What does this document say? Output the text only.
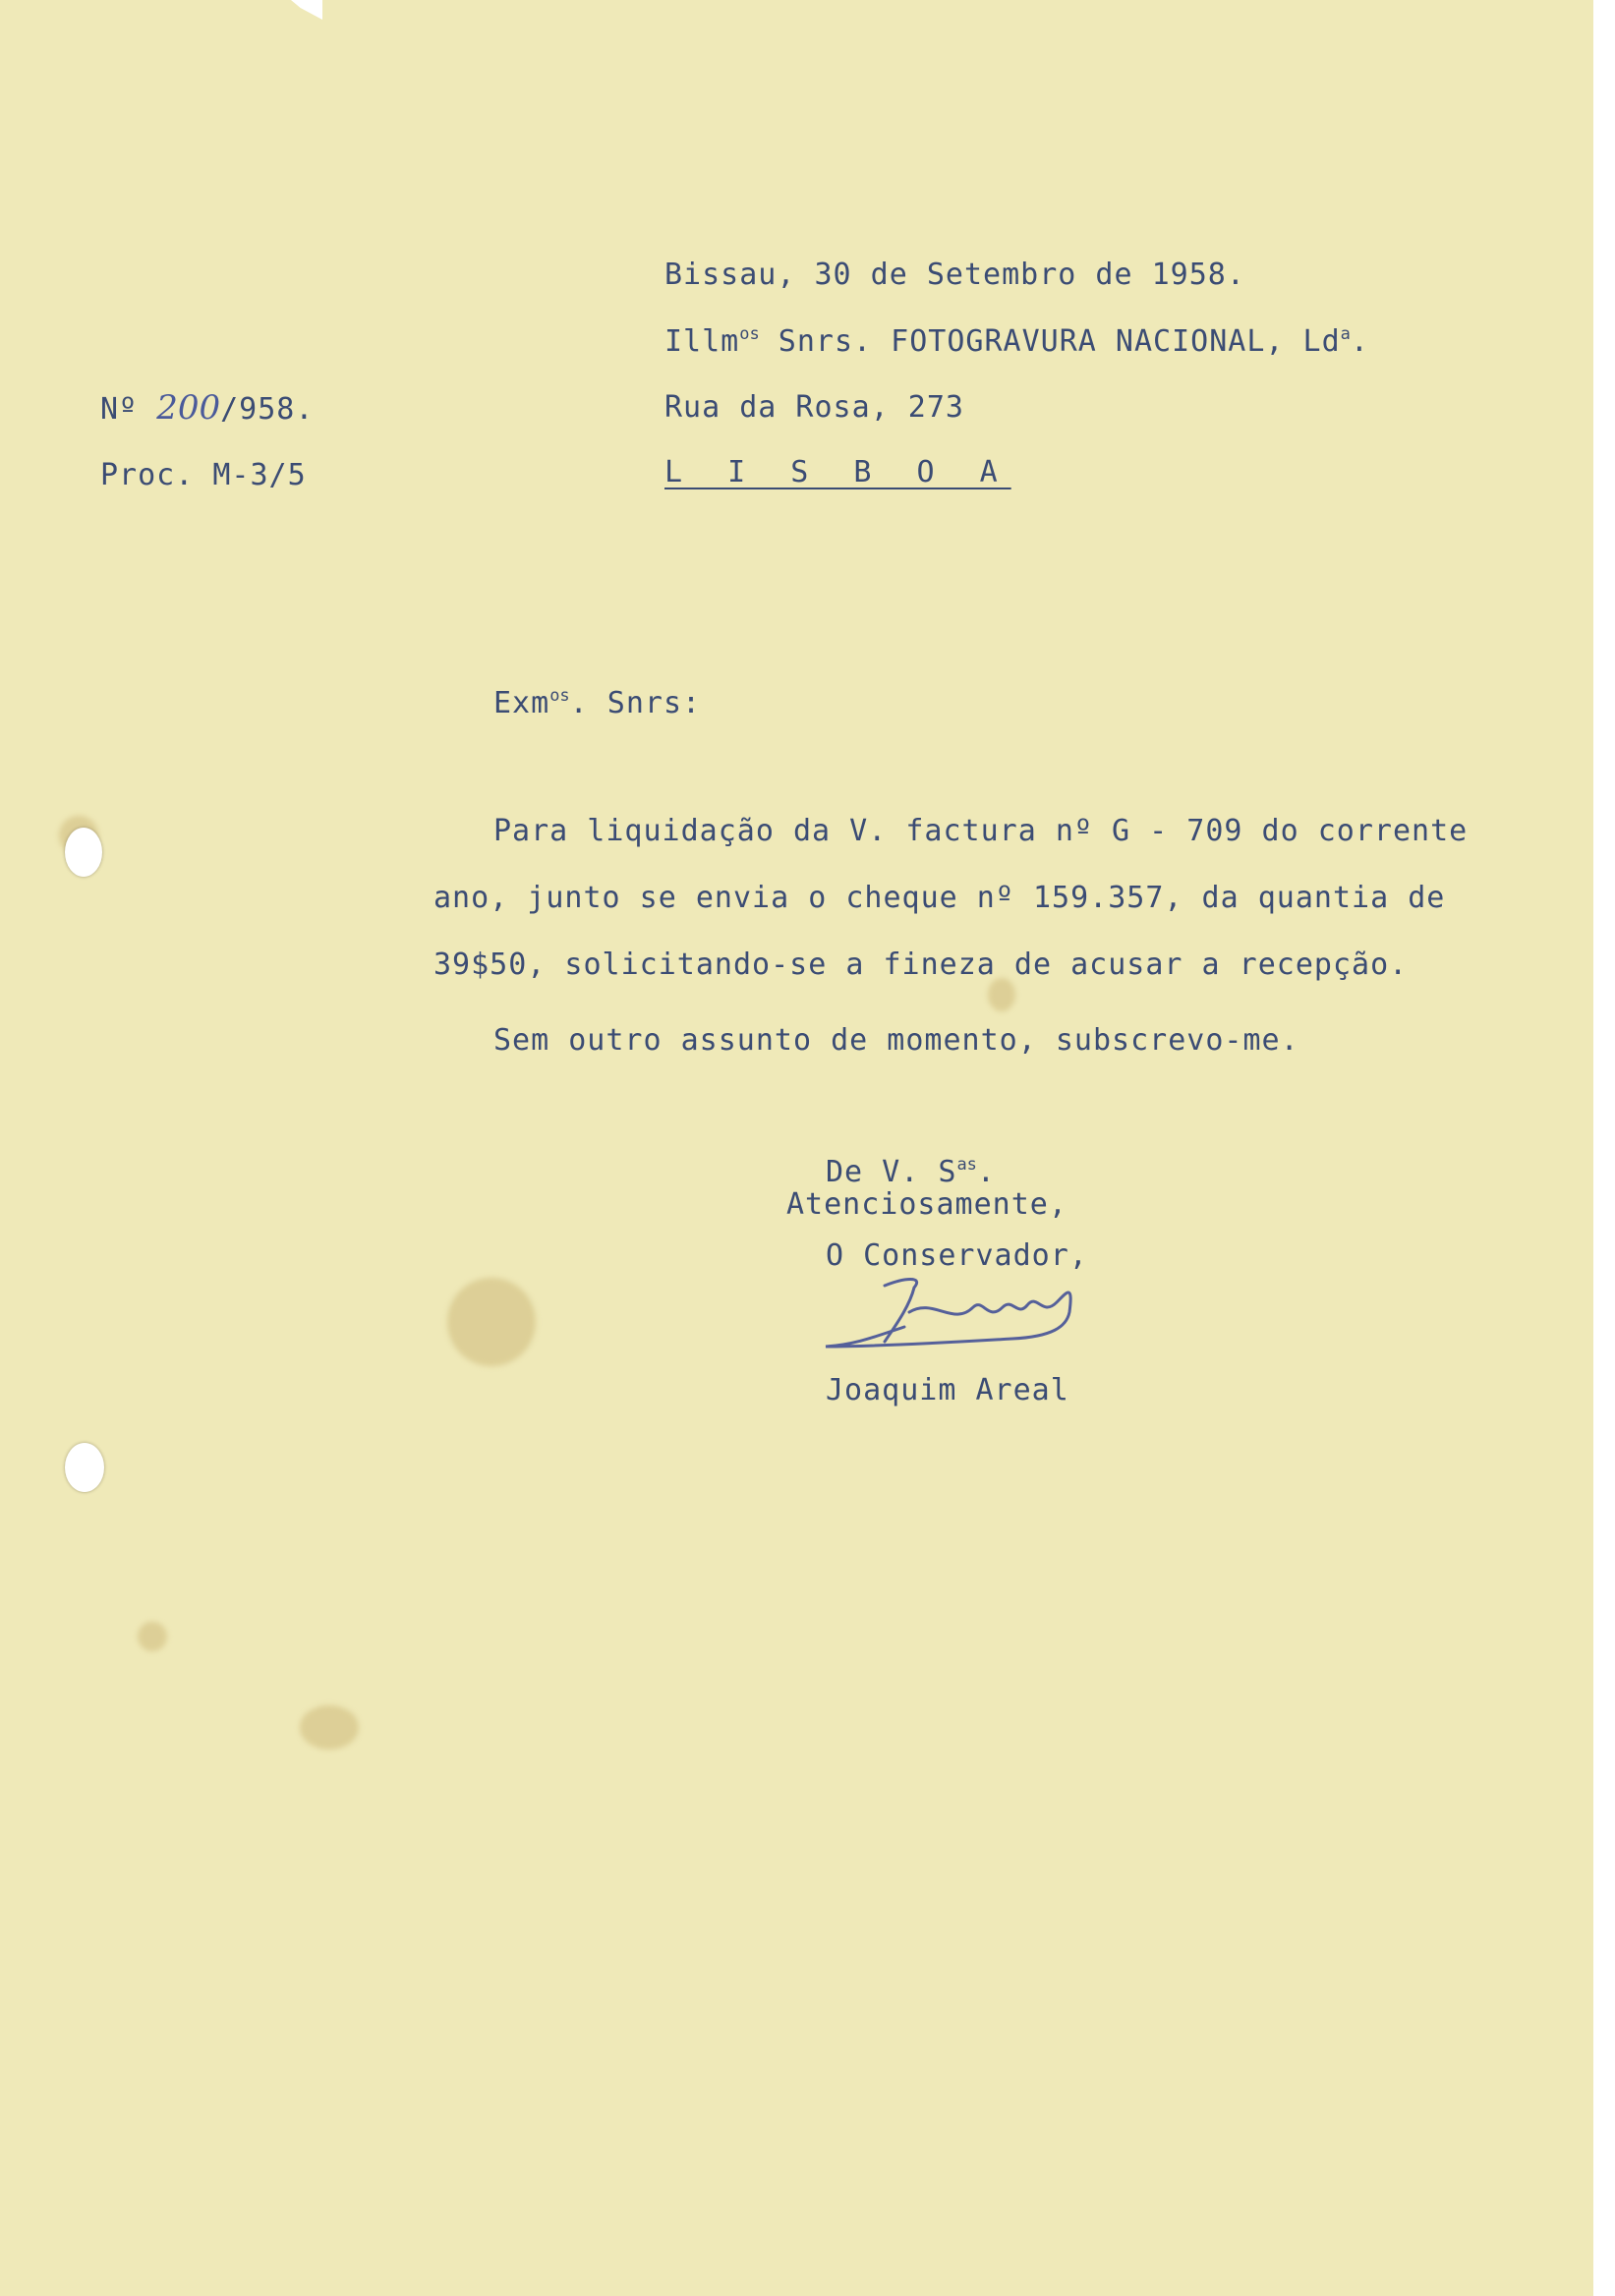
Bissau, 30 de Setembro de 1958.
Illm$^{os}$ Snrs. FOTOGRAVURA NACIONAL, Ld$^a$.
Rua da Rosa, 273
L I S B O A
Nº 200/958.
Proc. M-3/5
Exm$^{os}$. Snrs:
Para liquidação da V. factura nº G - 709 do corrente
ano, junto se envia o cheque nº 159.357, da quantia de
39$50, solicitando-se a fineza de acusar a recepção.
Sem outro assunto de momento, subscrevo-me.
De V. $S^{as}$.
Atenciosamente,
O Conservador,
Joaquim Areal
